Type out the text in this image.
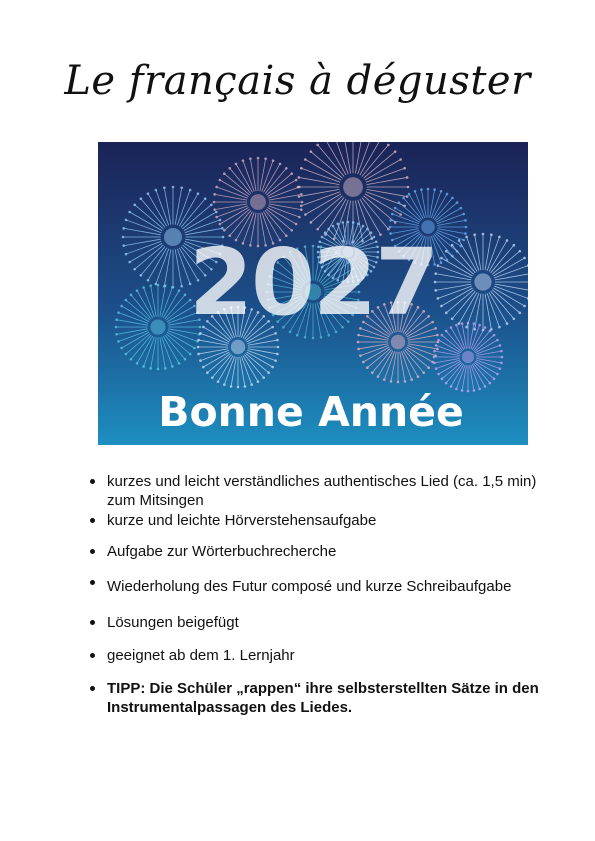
Le français à déguster
2027
Bonne Année
kurzes und leicht verständliches authentisches Lied (ca. 1,5 min) zum Mitsingen
kurze und leichte Hörverstehensaufgabe
Aufgabe zur Wörterbuchrecherche
Wiederholung des Futur composé und kurze Schreibaufgabe
Lösungen beigefügt
geeignet ab dem 1. Lernjahr
TIPP: Die Schüler „rappen“ ihre selbsterstellten Sätze in den Instrumentalpassagen des Liedes.
